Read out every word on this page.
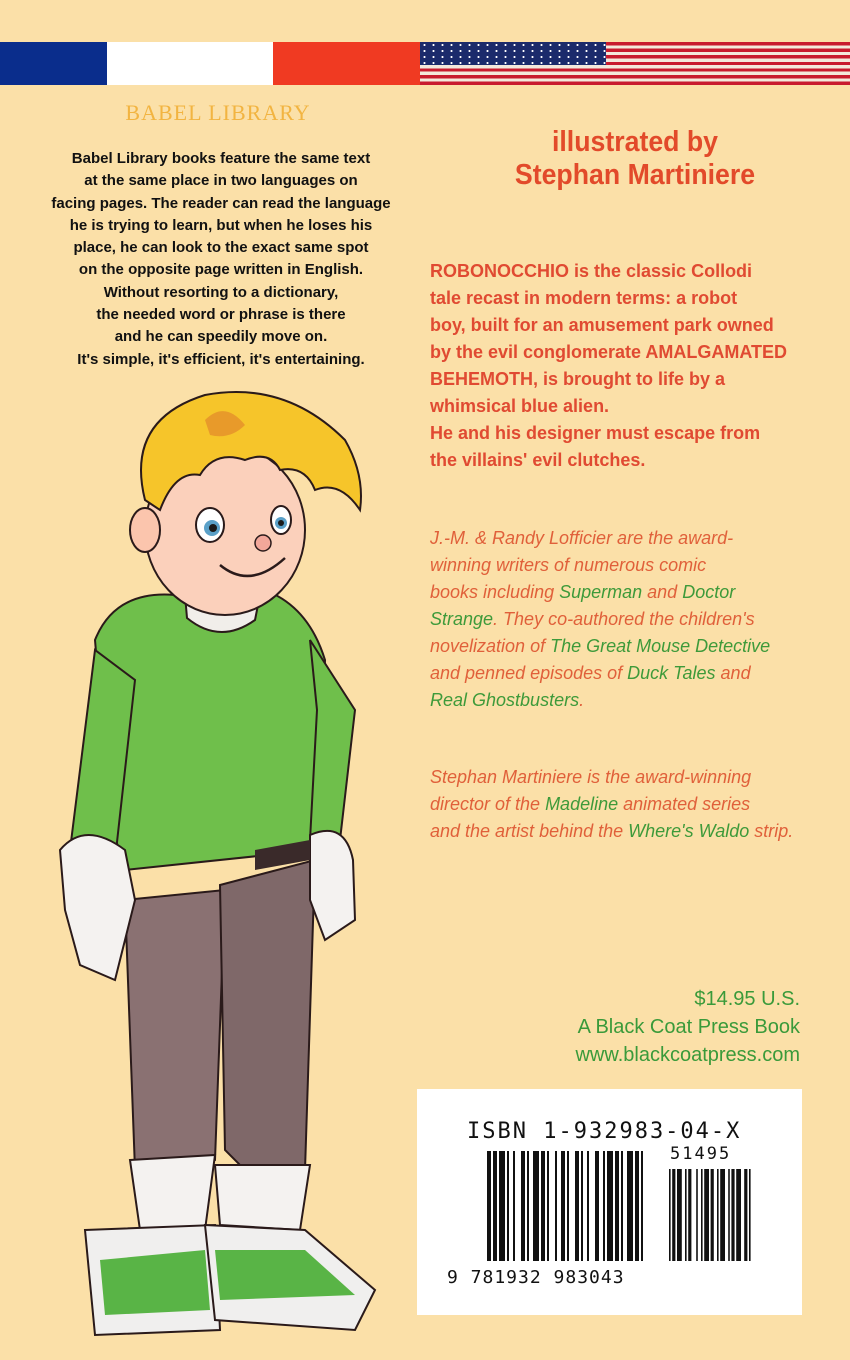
BABEL LIBRARY
Babel Library books feature the same text
at the same place in two languages on
facing pages. The reader can read the language
he is trying to learn, but when he loses his
place, he can look to the exact same spot
on the opposite page written in English.
Without resorting to a dictionary,
the needed word or phrase is there
and he can speedily move on.
It's simple, it's efficient, it's entertaining.
illustrated by
Stephan Martiniere
ROBONOCCHIO is the classic Collodi
tale recast in modern terms: a robot
boy, built for an amusement park owned
by the evil conglomerate AMALGAMATED
BEHEMOTH, is brought to life by a
whimsical blue alien.
He and his designer must escape from
the villains' evil clutches.
J.-M. & Randy Lofficier are the award-
winning writers of numerous comic
books including Superman and Doctor
Strange. They co-authored the children's
novelization of The Great Mouse Detective
and penned episodes of Duck Tales and
Real Ghostbusters.
Stephan Martiniere is the award-winning
director of the Madeline animated series
and the artist behind the Where's Waldo strip.
$14.95 U.S.
A Black Coat Press Book
www.blackcoatpress.com
ISBN 1-932983-04-X
51495
9 781932 983043
